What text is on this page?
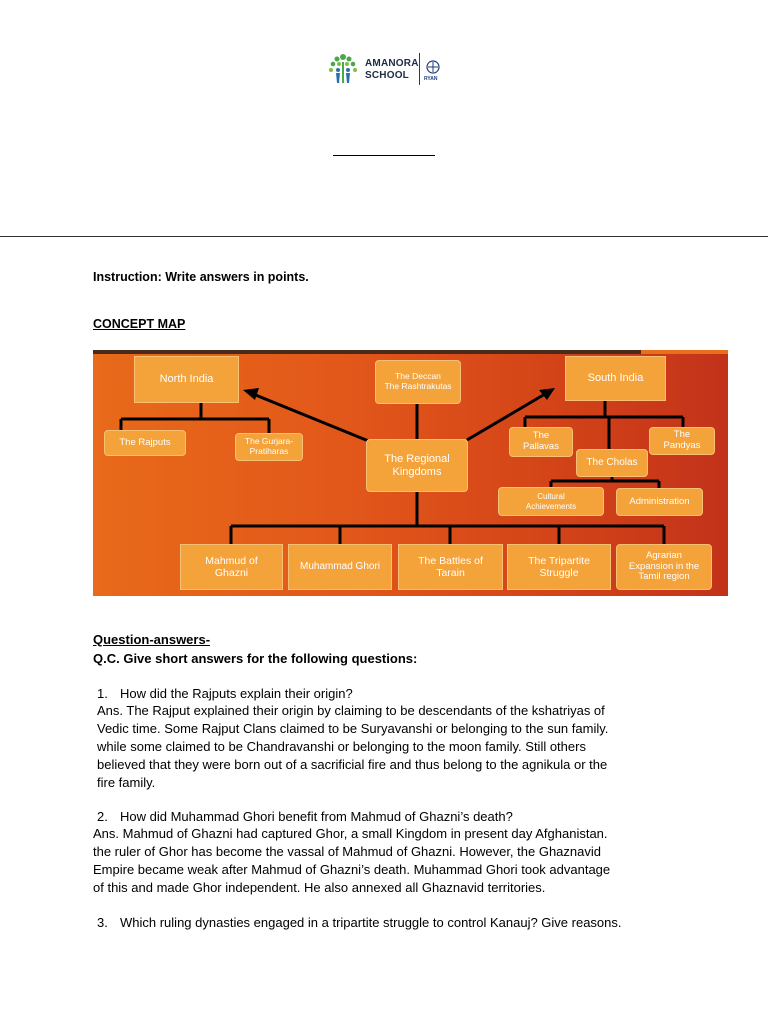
AMANORA
SCHOOL	RYAN
Instruction: Write answers in points.
CONCEPT MAP
North India	The Deccan
The Rashtrakutas
South India
The Rajputs	The Gurjara-
Pratiharas
The Regional
Kingdoms
The
Pallavas
The
Pandyas
The Cholas
Cultural
Achievements	Administration
Mahmud of
Ghazni
Muhammad Ghori	The Battles of
Tarain
The Tripartite
Struggle
Agrarian
Expansion in the
Tamil region
Question-answers-
Q.C. Give short answers for the following questions:
1. How did the Rajputs explain their origin?
Ans. The Rajput explained their origin by claiming to be descendants of the kshatriyas of
Vedic time. Some Rajput Clans claimed to be Suryavanshi or belonging to the sun family.
while some claimed to be Chandravanshi or belonging to the moon family. Still others
believed that they were born out of a sacrificial fire and thus belong to the agnikula or the
fire family.
2. How did Muhammad Ghori benefit from Mahmud of Ghazni’s death?
Ans. Mahmud of Ghazni had captured Ghor, a small Kingdom in present day Afghanistan.
the ruler of Ghor has become the vassal of Mahmud of Ghazni. However, the Ghaznavid
Empire became weak after Mahmud of Ghazni’s death. Muhammad Ghori took advantage
of this and made Ghor independent. He also annexed all Ghaznavid territories.
3. Which ruling dynasties engaged in a tripartite struggle to control Kanauj? Give reasons.
